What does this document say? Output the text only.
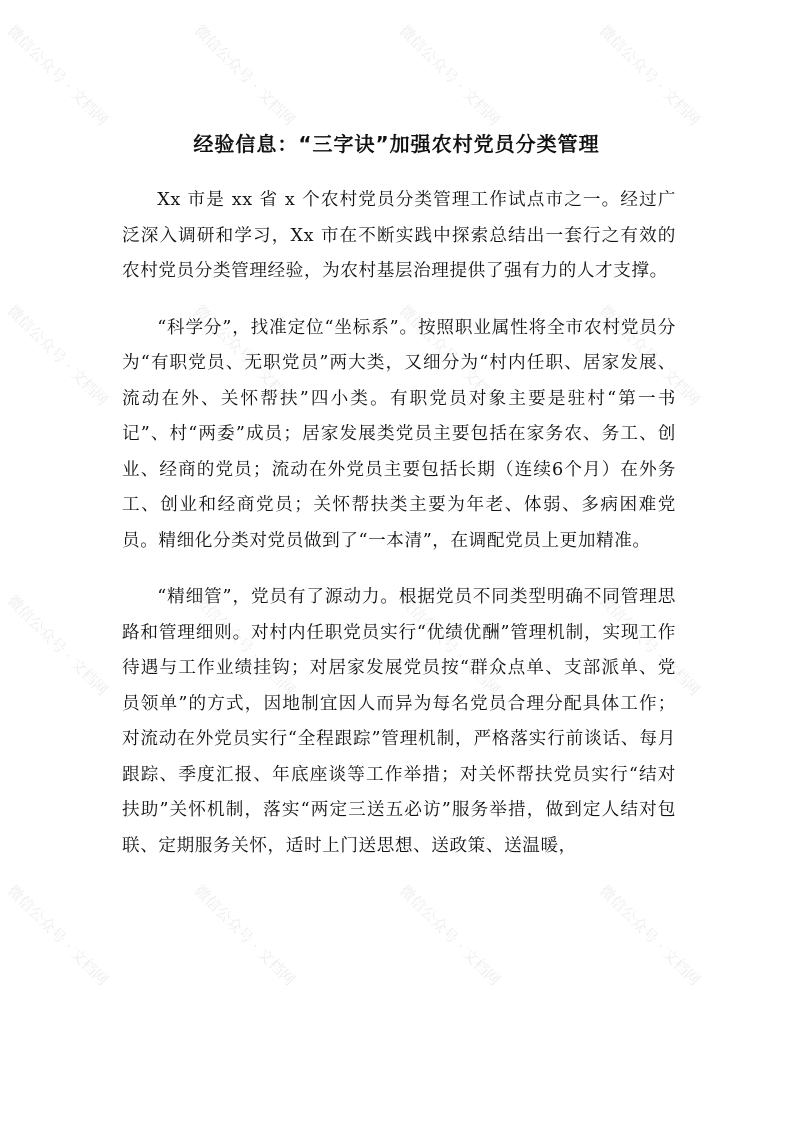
微信公众号 · 文档网	微信公众号 · 文档网	微信公众号 · 文档网	微信公众号 · 文档网
微信公众号 · 文档网	微信公众号 · 文档网	微信公众号 · 文档网	微信公众号 · 文档网
微信公众号 · 文档网	微信公众号 · 文档网	微信公众号 · 文档网	微信公众号 · 文档网
微信公众号 · 文档网	微信公众号 · 文档网	微信公众号 · 文档网	微信公众号 · 文档网
经验信息：“三字诀”加强农村党员分类管理

Xx 市是 xx 省 x 个农村党员分类管理工作试点市之一。经过广泛深入调研和学习，Xx 市在不断实践中探索总结出一套行之有效的农村党员分类管理经验，为农村基层治理提供了强有力的人才支撑。

“科学分”，找准定位“坐标系”。按照职业属性将全市农村党员分为“有职党员、无职党员”两大类，又细分为“村内任职、居家发展、流动在外、关怀帮扶”四小类。有职党员对象主要是驻村“第一书记”、村“两委”成员；居家发展类党员主要包括在家务农、务工、创业、经商的党员；流动在外党员主要包括长期（连续6个月）在外务工、创业和经商党员；关怀帮扶类主要为年老、体弱、多病困难党员。精细化分类对党员做到了“一本清”，在调配党员上更加精准。

“精细管”，党员有了源动力。根据党员不同类型明确不同管理思路和管理细则。对村内任职党员实行“优绩优酬”管理机制，实现工作待遇与工作业绩挂钩；对居家发展党员按“群众点单、支部派单、党员领单”的方式，因地制宜因人而异为每名党员合理分配具体工作；对流动在外党员实行“全程跟踪”管理机制，严格落实行前谈话、每月跟踪、季度汇报、年底座谈等工作举措；对关怀帮扶党员实行“结对扶助”关怀机制，落实“两定三送五必访”服务举措，做到定人结对包联、定期服务关怀，适时上门送思想、送政策、送温暖，
